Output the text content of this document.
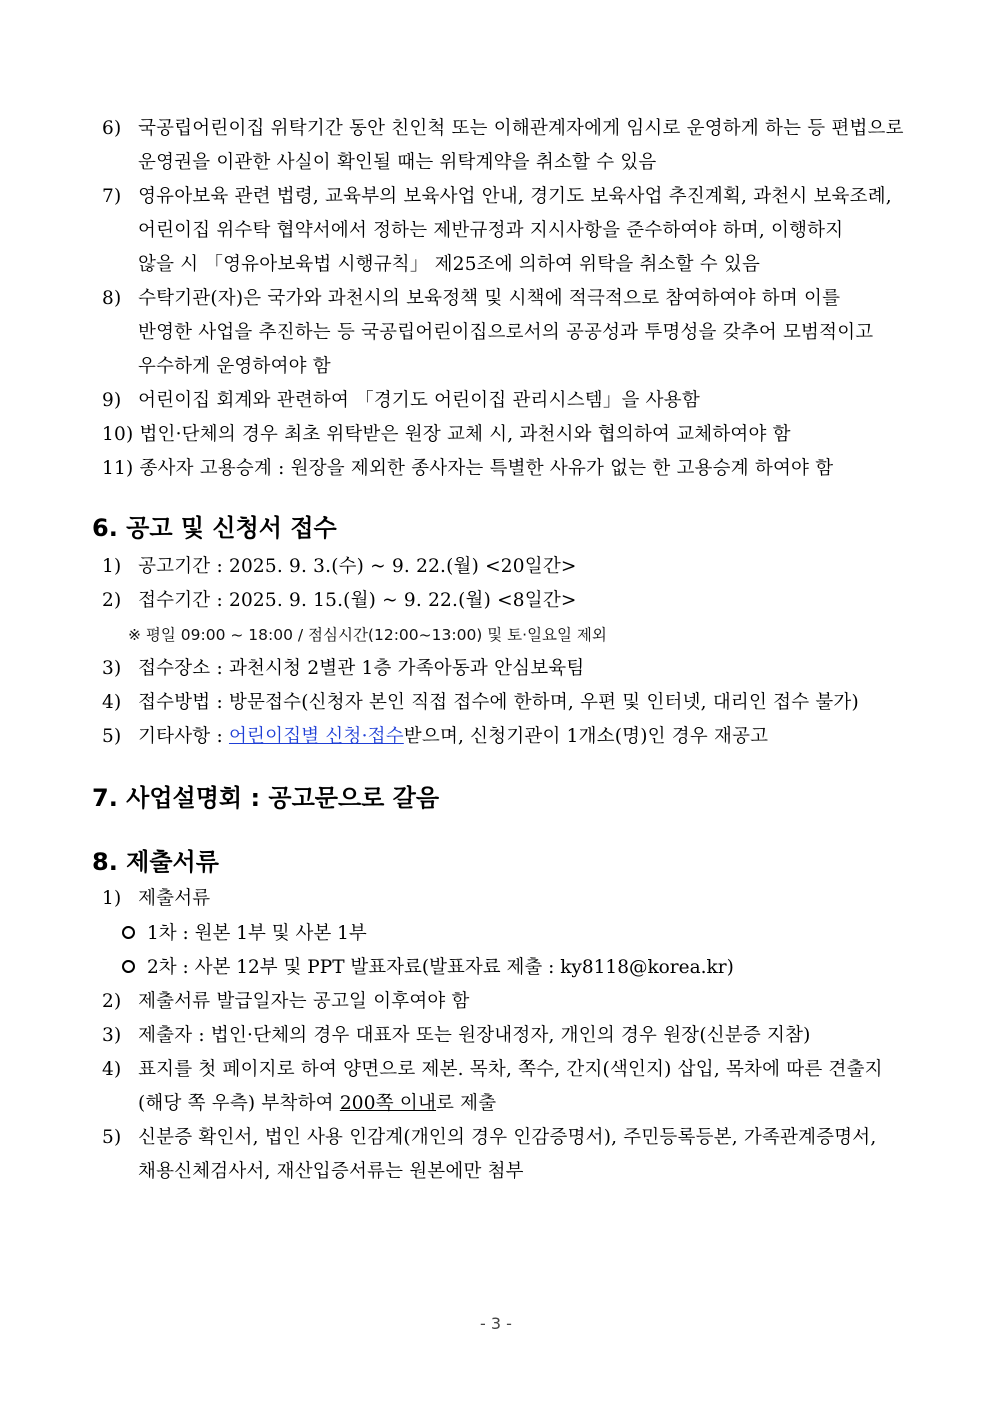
6) 국공립어린이집 위탁기간 동안 친인척 또는 이해관계자에게 임시로 운영하게 하는 등 편법으로
운영권을 이관한 사실이 확인될 때는 위탁계약을 취소할 수 있음
7) 영유아보육 관련 법령, 교육부의 보육사업 안내, 경기도 보육사업 추진계획, 과천시 보육조례,
어린이집 위수탁 협약서에서 정하는 제반규정과 지시사항을 준수하여야 하며, 이행하지
않을 시 「영유아보육법 시행규칙」 제25조에 의하여 위탁을 취소할 수 있음
8) 수탁기관(자)은 국가와 과천시의 보육정책 및 시책에 적극적으로 참여하여야 하며 이를
반영한 사업을 추진하는 등 국공립어린이집으로서의 공공성과 투명성을 갖추어 모범적이고
우수하게 운영하여야 함
9) 어린이집 회계와 관련하여 「경기도 어린이집 관리시스템」을 사용함
10) 법인·단체의 경우 최초 위탁받은 원장 교체 시, 과천시와 협의하여 교체하여야 함
11) 종사자 고용승계 : 원장을 제외한 종사자는 특별한 사유가 없는 한 고용승계 하여야 함
6. 공고 및 신청서 접수
1) 공고기간 : 2025. 9. 3.(수) ~ 9. 22.(월) <20일간>
2) 접수기간 : 2025. 9. 15.(월) ~ 9. 22.(월) <8일간>
※ 평일 09:00 ~ 18:00 / 점심시간(12:00~13:00) 및 토·일요일 제외
3) 접수장소 : 과천시청 2별관 1층 가족아동과 안심보육팀
4) 접수방법 : 방문접수(신청자 본인 직접 접수에 한하며, 우편 및 인터넷, 대리인 접수 불가)
5) 기타사항 : 어린이집별 신청·접수받으며, 신청기관이 1개소(명)인 경우 재공고
7. 사업설명회 : 공고문으로 갈음
8. 제출서류
1) 제출서류
1차 : 원본 1부 및 사본 1부
2차 : 사본 12부 및 PPT 발표자료(발표자료 제출 : ky8118@korea.kr)
2) 제출서류 발급일자는 공고일 이후여야 함
3) 제출자 : 법인·단체의 경우 대표자 또는 원장내정자, 개인의 경우 원장(신분증 지참)
4) 표지를 첫 페이지로 하여 양면으로 제본. 목차, 쪽수, 간지(색인지) 삽입, 목차에 따른 견출지
(해당 쪽 우측) 부착하여 200쪽 이내로 제출
5) 신분증 확인서, 법인 사용 인감계(개인의 경우 인감증명서), 주민등록등본, 가족관계증명서,
채용신체검사서, 재산입증서류는 원본에만 첨부
- 3 -
